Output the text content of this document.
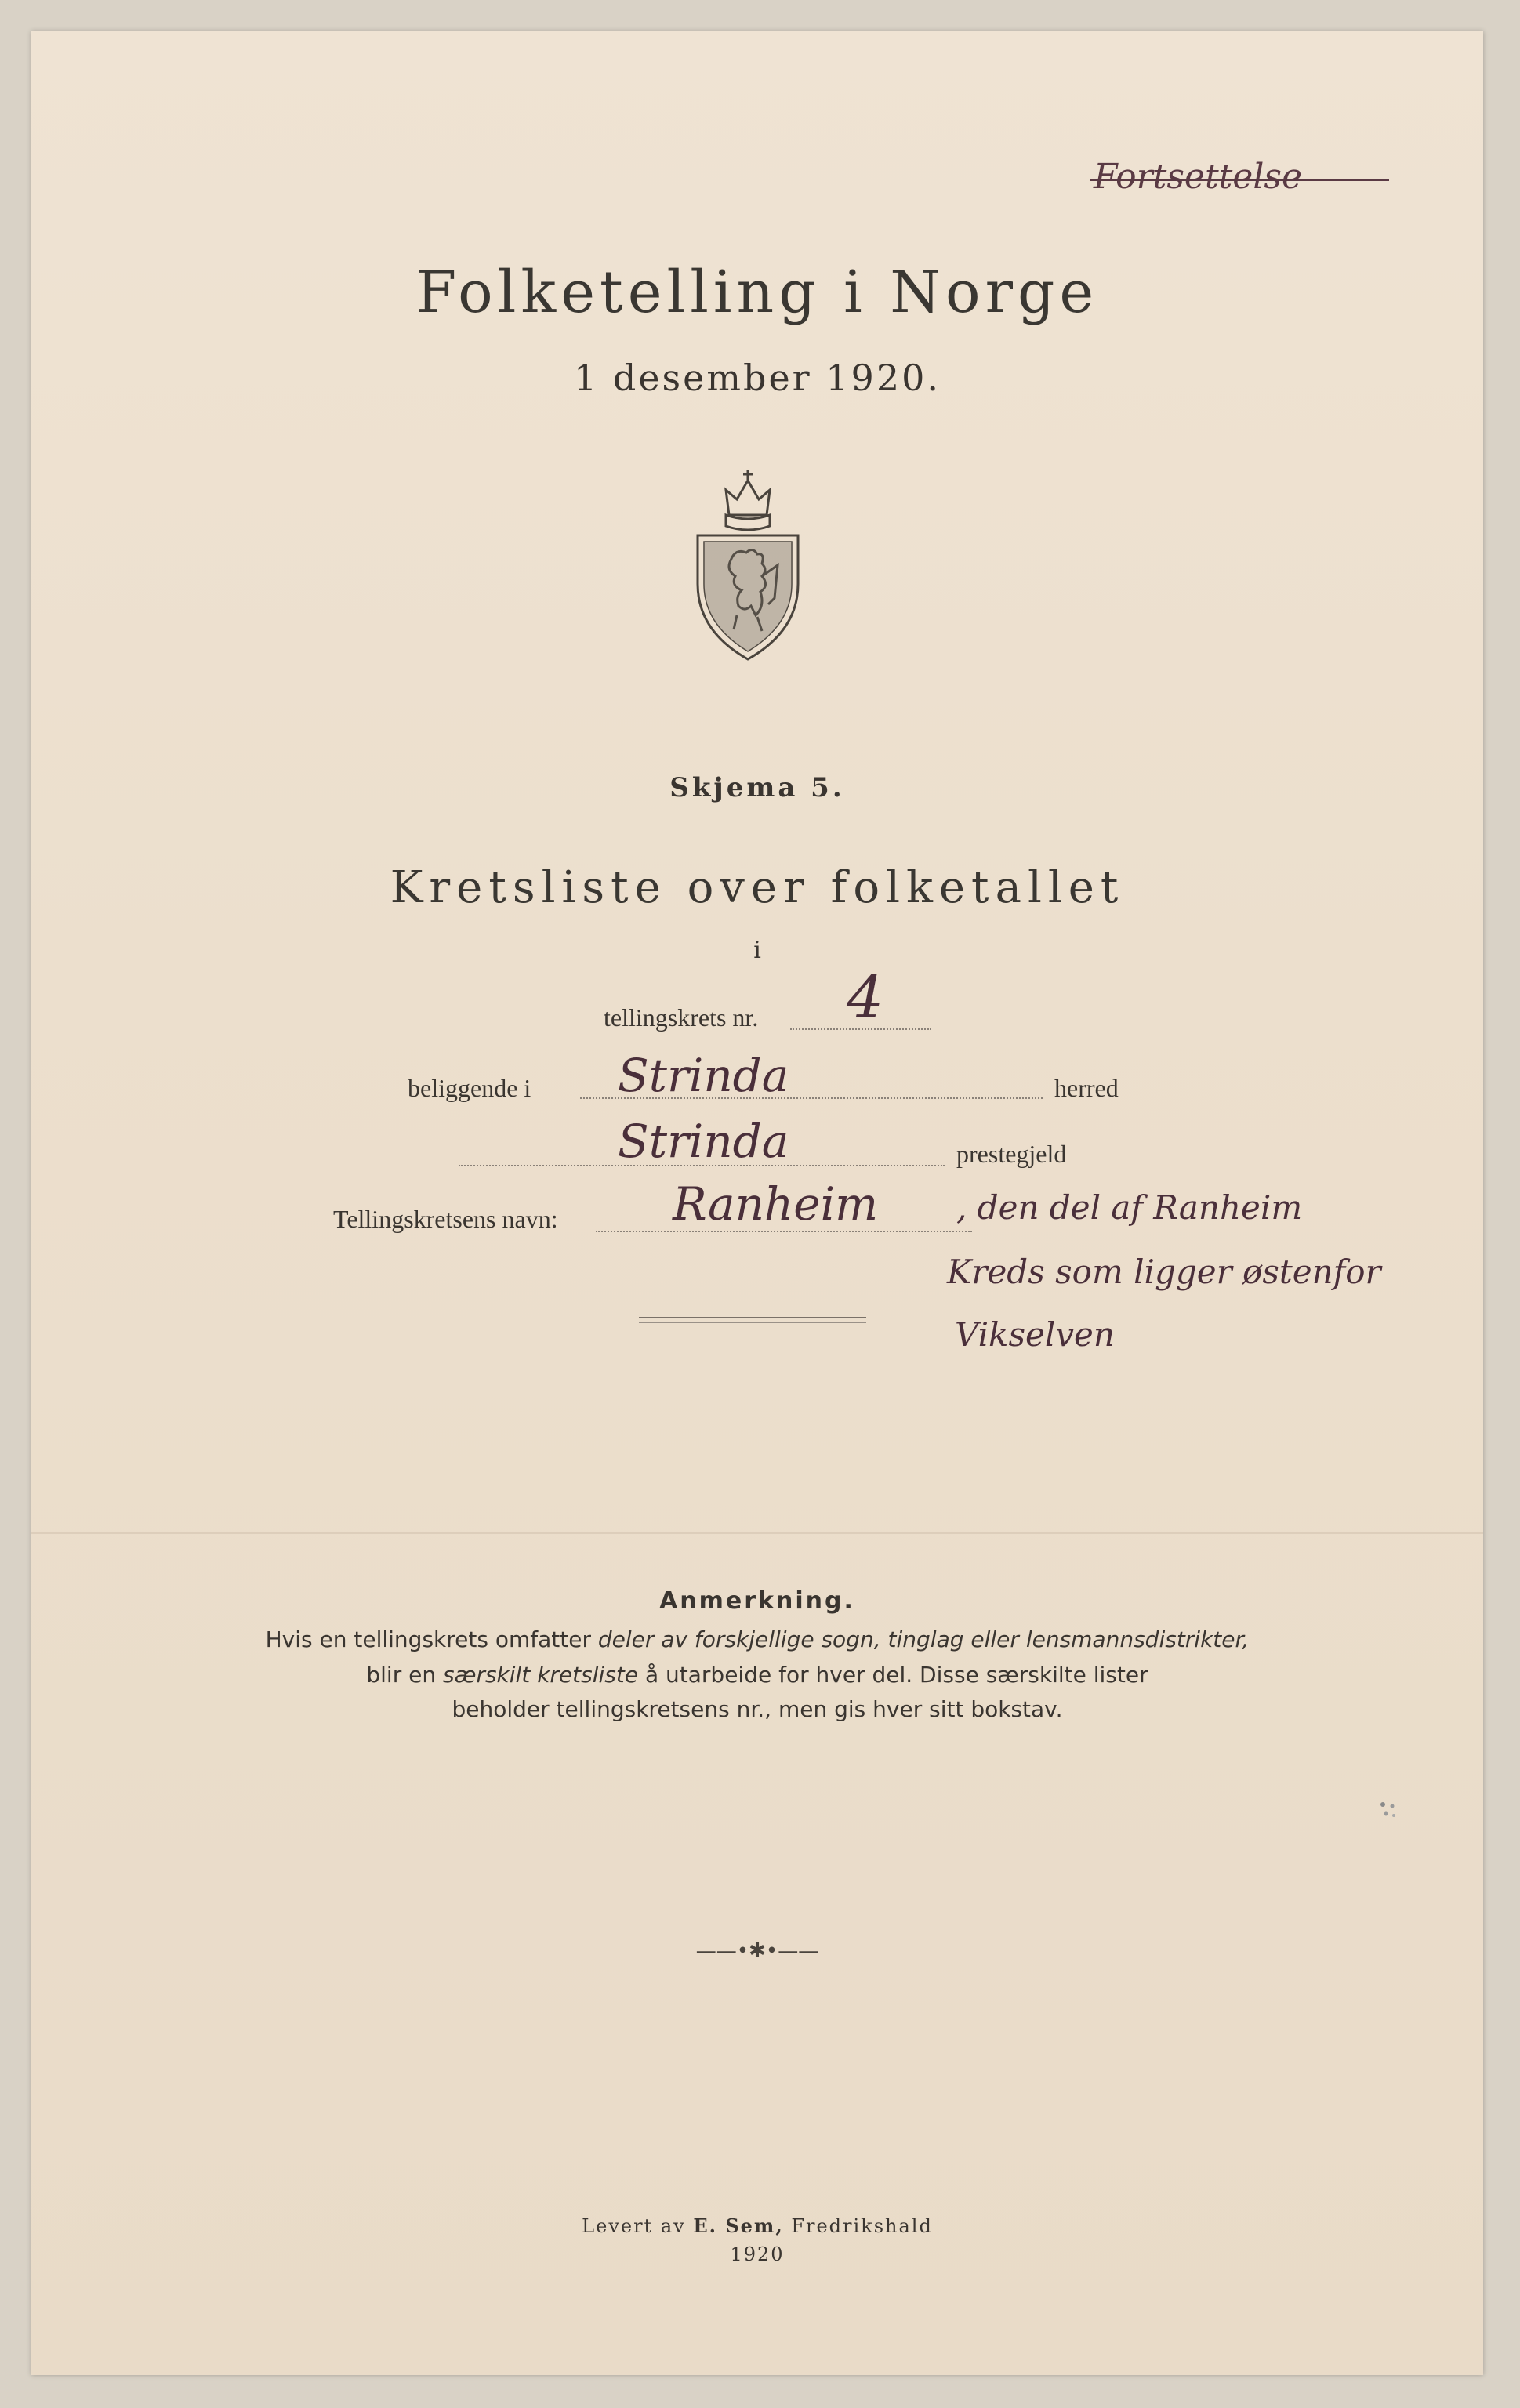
Fortsettelse
Folketelling i Norge
1 desember 1920.
Skjema 5.
Kretsliste over folketallet
i
tellingskrets nr. 4
beliggende i Strinda	herred
Strinda	prestegjeld
Tellingskretsens navn:	Ranheim , den del af Ranheim
Kreds som ligger østenfor
Vikselven
Anmerkning.
Hvis en tellingskrets omfatter deler av forskjellige sogn, tinglag eller lensmannsdistrikter,
blir en særskilt kretsliste å utarbeide for hver del. Disse særskilte lister
beholder tellingskretsens nr., men gis hver sitt bokstav.
——•✱•——
Levert av E. Sem, Fredrikshald
1920
